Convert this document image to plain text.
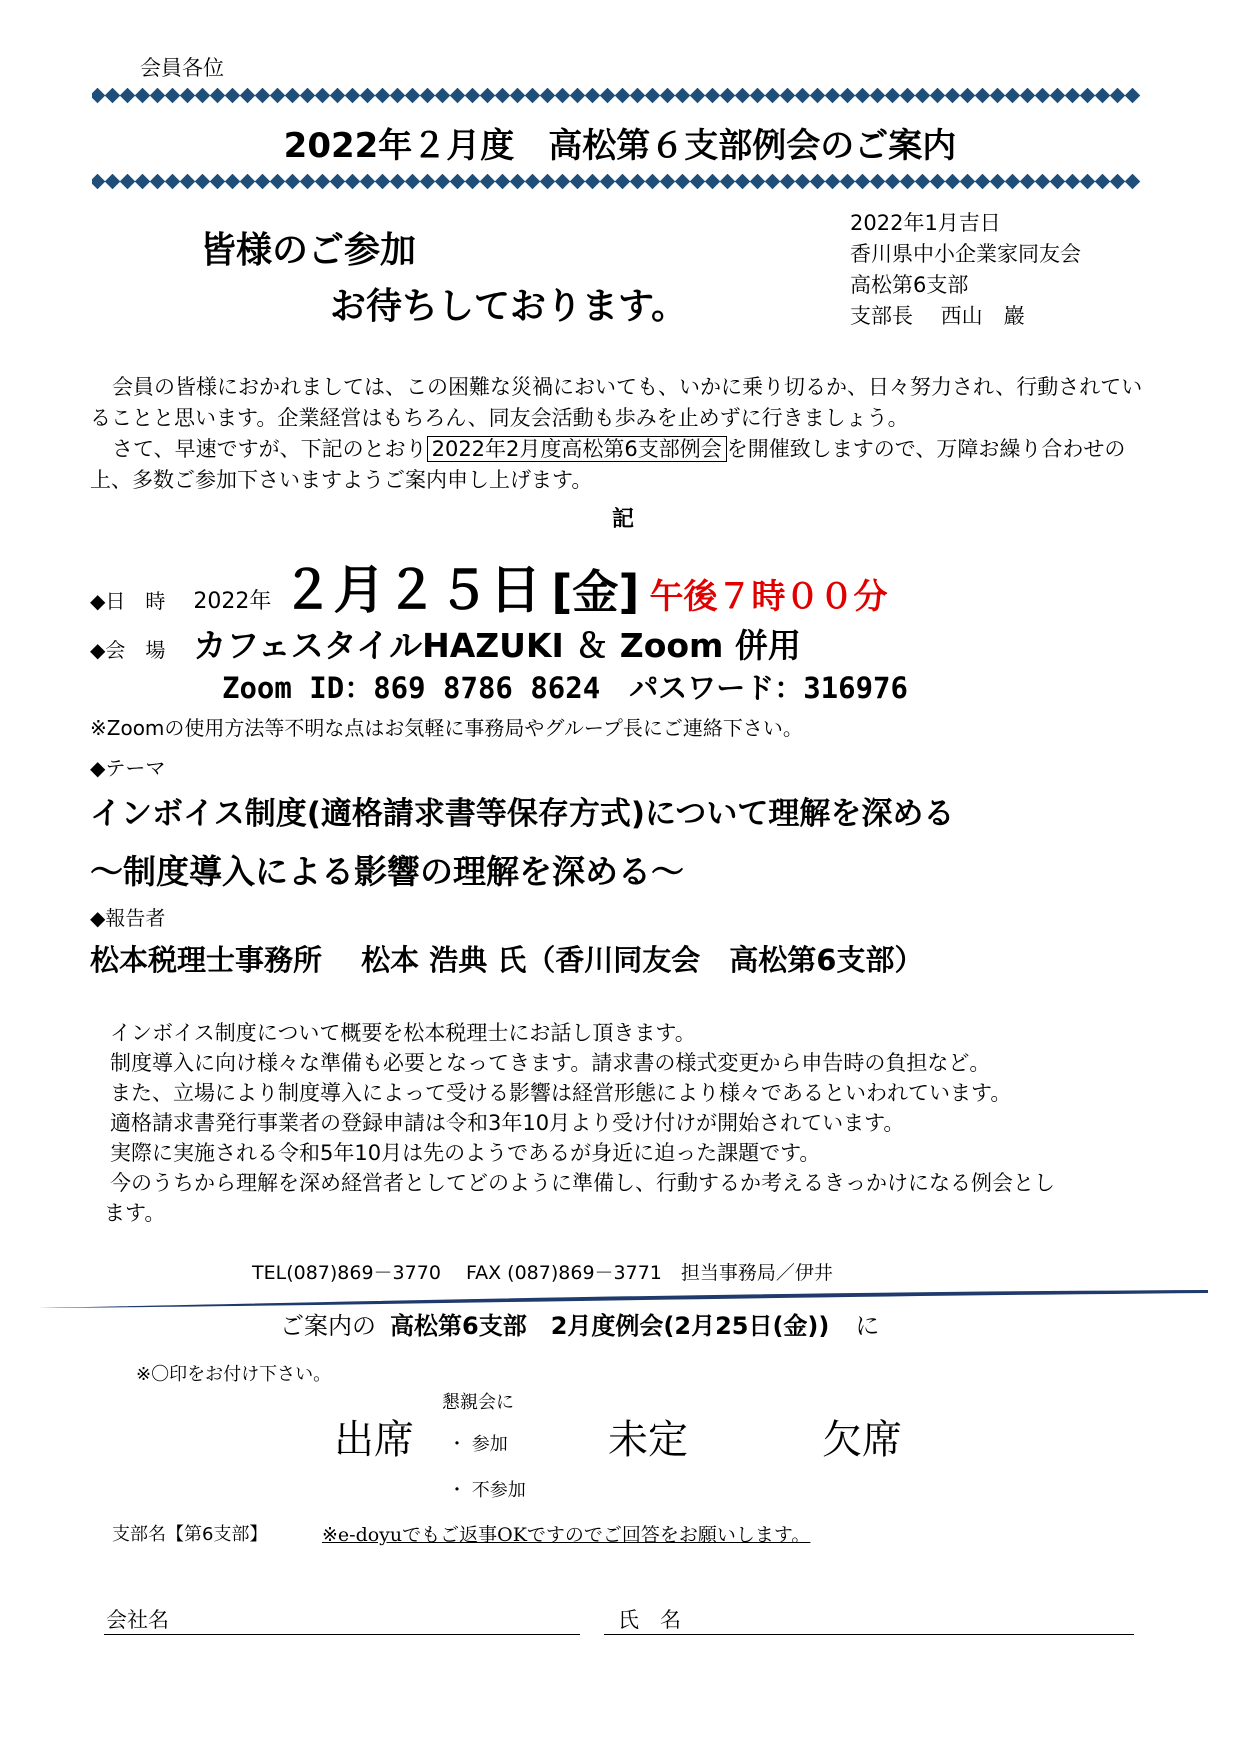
会員各位
2022年２月度　高松第６支部例会のご案内
皆様のご参加
お待ちしております。
2022年1月吉日
香川県中小企業家同友会
高松第6支部
支部長　 西山　巖
会員の皆様におかれましては、この困難な災禍においても、いかに乗り切るか、日々努力され、行動されていることと思います。企業経営はもちろん、同友会活動も歩みを止めずに行きましょう。
さて、早速ですが、下記のとおり 2022年2月度高松第6支部例会 を開催致しますので、万障お繰り合わせの上、多数ご参加下さいますようご案内申し上げます。
記
◆日　時 2022年 ２月２５日 [金] 午後７時００分
◆会　場 カフェスタイルHAZUKI ＆ Zoom 併用
Zoom ID：869 8786 8624　パスワード：316976
※Zoomの使用方法等不明な点はお気軽に事務局やグループ長にご連絡下さい。
◆テーマ
インボイス制度(適格請求書等保存方式)について理解を深める
～制度導入による影響の理解を深める～
◆報告者
松本税理士事務所　 松本 浩典 氏（香川同友会　高松第6支部）
インボイス制度について概要を松本税理士にお話し頂きます。
制度導入に向け様々な準備も必要となってきます。請求書の様式変更から申告時の負担など。
また、立場により制度導入によって受ける影響は経営形態により様々であるといわれています。
適格請求書発行事業者の登録申請は令和3年10月より受け付けが開始されています。
実際に実施される令和5年10月は先のようであるが身近に迫った課題です。
今のうちから理解を深め経営者としてどのように準備し、行動するか考えるきっかけになる例会とし
ます。
TEL(087)869－3770　 FAX (087)869－3771　担当事務局／伊井
ご案内の 高松第6支部　2月度例会(2月25日(金)) に
※〇印をお付け下さい。
懇親会に
出席 ・ 参加	未定	欠席
・ 不参加
支部名【第6支部】	※e-doyuでもご返事OKですのでご回答をお願いします。
会社名	氏　名
